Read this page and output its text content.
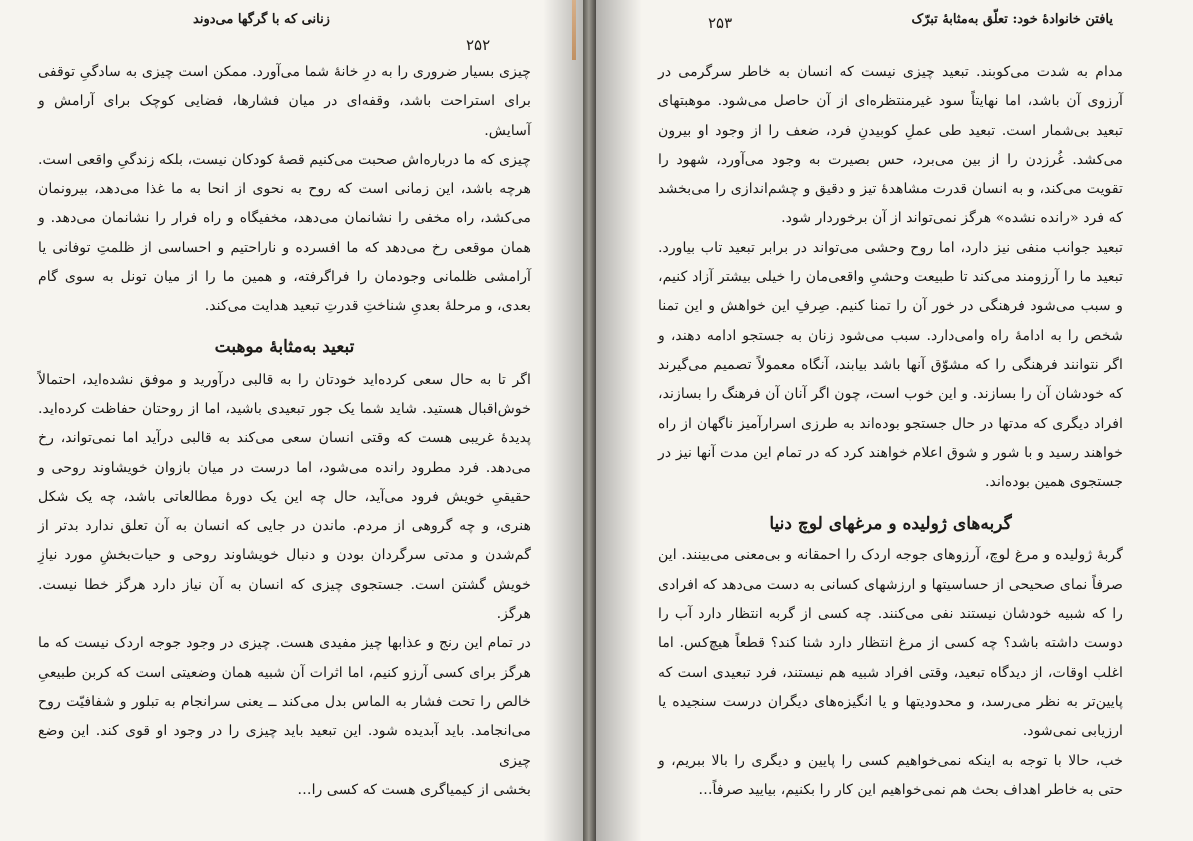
زنانی که با گرگها می‌دوند
۲۵۲

چیزی بسیار ضروری را به درِ خانهٔ شما می‌آورد. ممکن است چیزی به سادگیِ توقفی برای استراحت باشد، وقفه‌ای در میان فشارها، فضایی کوچک برای آرامش و آسایش.

چیزی که ما درباره‌اش صحبت می‌کنیم قصهٔ کودکان نیست، بلکه زندگیِ واقعی است. هرچه باشد، این زمانی است که روح به نحوی از انحا به ما غذا می‌دهد، بیرونمان می‌کشد، راه مخفی را نشانمان می‌دهد، مخفیگاه و راه فرار را نشانمان می‌دهد. و همان موقعی رخ می‌دهد که ما افسرده و ناراحتیم و احساسی از ظلمتِ توفانی یا آرامشی ظلمانی وجودمان را فراگرفته، و همین ما را از میان تونل به سوی گام بعدی، و مرحلهٔ بعدیِ شناختِ قدرتِ تبعید هدایت می‌کند.

تبعید به‌مثابهٔ موهبت

اگر تا به حال سعی کرده‌اید خودتان را به قالبی درآورید و موفق نشده‌اید، احتمالاً خوش‌اقبال هستید. شاید شما یک جور تبعیدی باشید، اما از روحتان حفاظت کرده‌اید. پدیدهٔ غریبی هست که وقتی انسان سعی می‌کند به قالبی درآید اما نمی‌تواند، رخ می‌دهد. فرد مطرود رانده می‌شود، اما درست در میان بازوان خویشاوند روحی و حقیقیِ خویش فرود می‌آید، حال چه این یک دورهٔ مطالعاتی باشد، چه یک شکل هنری، و چه گروهی از مردم. ماندن در جایی که انسان به آن تعلق ندارد بدتر از گم‌شدن و مدتی سرگردان بودن و دنبال خویشاوند روحی و حیات‌بخشِ مورد نیازِ خویش گشتن است. جستجوی چیزی که انسان به آن نیاز دارد هرگز خطا نیست. هرگز.

در تمام این رنج و عذابها چیز مفیدی هست. چیزی در وجود جوجه اردک نیست که ما هرگز برای کسی آرزو کنیم، اما اثرات آن شبیه همان وضعیتی است که کربن طبیعیِ خالص را تحت فشار به الماس بدل می‌کند ــ یعنی سرانجام به تبلور و شفافیّت روح می‌انجامد. باید آبدیده شود. این تبعید باید چیزی را در وجود او قوی کند. این وضع چیزی

بخشی از کیمیاگری هست که کسی را…

یافتن خانوادهٔ خود: تعلّق به‌مثابهٔ تبرّک
۲۵۳

مدام به شدت می‌کوبند. تبعید چیزی نیست که انسان به خاطر سرگرمی در آرزوی آن باشد، اما نهایتاً سود غیرمنتظره‌ای از آن حاصل می‌شود. موهبتهای تبعید بی‌شمار است. تبعید طی عملِ کوبیدنِ فرد، ضعف را از وجود او بیرون می‌کشد. غُرزدن را از بین می‌برد، حس بصیرت به وجود می‌آورد، شهود را تقویت می‌کند، و به انسان قدرت مشاهدهٔ تیز و دقیق و چشم‌اندازی را می‌بخشد که فرد «رانده نشده» هرگز نمی‌تواند از آن برخوردار شود.

تبعید جوانب منفی نیز دارد، اما روح وحشی می‌تواند در برابر تبعید تاب بیاورد. تبعید ما را آرزومند می‌کند تا طبیعت وحشیِ واقعی‌مان را خیلی بیشتر آزاد کنیم، و سبب می‌شود فرهنگی در خور آن را تمنا کنیم. صِرفِ این خواهش و این تمنا شخص را به ادامهٔ راه وامی‌دارد. سبب می‌شود زنان به جستجو ادامه دهند، و اگر نتوانند فرهنگی را که مشوّق آنها باشد بیابند، آنگاه معمولاً تصمیم می‌گیرند که خودشان آن را بسازند. و این خوب است، چون اگر آنان آن فرهنگ را بسازند، افراد دیگری که مدتها در حال جستجو بوده‌اند به طرزی اسرارآمیز ناگهان از راه خواهند رسید و با شور و شوق اعلام خواهند کرد که در تمام این مدت آنها نیز در جستجوی همین بوده‌اند.

گربه‌های ژولیده و مرغهای لوچ دنیا

گربهٔ ژولیده و مرغ لوچ، آرزوهای جوجه اردک را احمقانه و بی‌معنی می‌بینند. این صرفاً نمای صحیحی از حساسیتها و ارزشهای کسانی به دست می‌دهد که افرادی را که شبیه خودشان نیستند نفی می‌کنند. چه کسی از گربه انتظار دارد آب را دوست داشته باشد؟ چه کسی از مرغ انتظار دارد شنا کند؟ قطعاً هیچ‌کس. اما اغلب اوقات، از دیدگاه تبعید، وقتی افراد شبیه هم نیستند، فرد تبعیدی است که پایین‌تر به نظر می‌رسد، و محدودیتها و یا انگیزه‌های دیگران درست سنجیده یا ارزیابی نمی‌شود.

خب، حالا با توجه به اینکه نمی‌خواهیم کسی را پایین و دیگری را بالا ببریم، و حتی به خاطر اهداف بحث هم نمی‌خواهیم این کار را بکنیم، بیایید صرفاً…
